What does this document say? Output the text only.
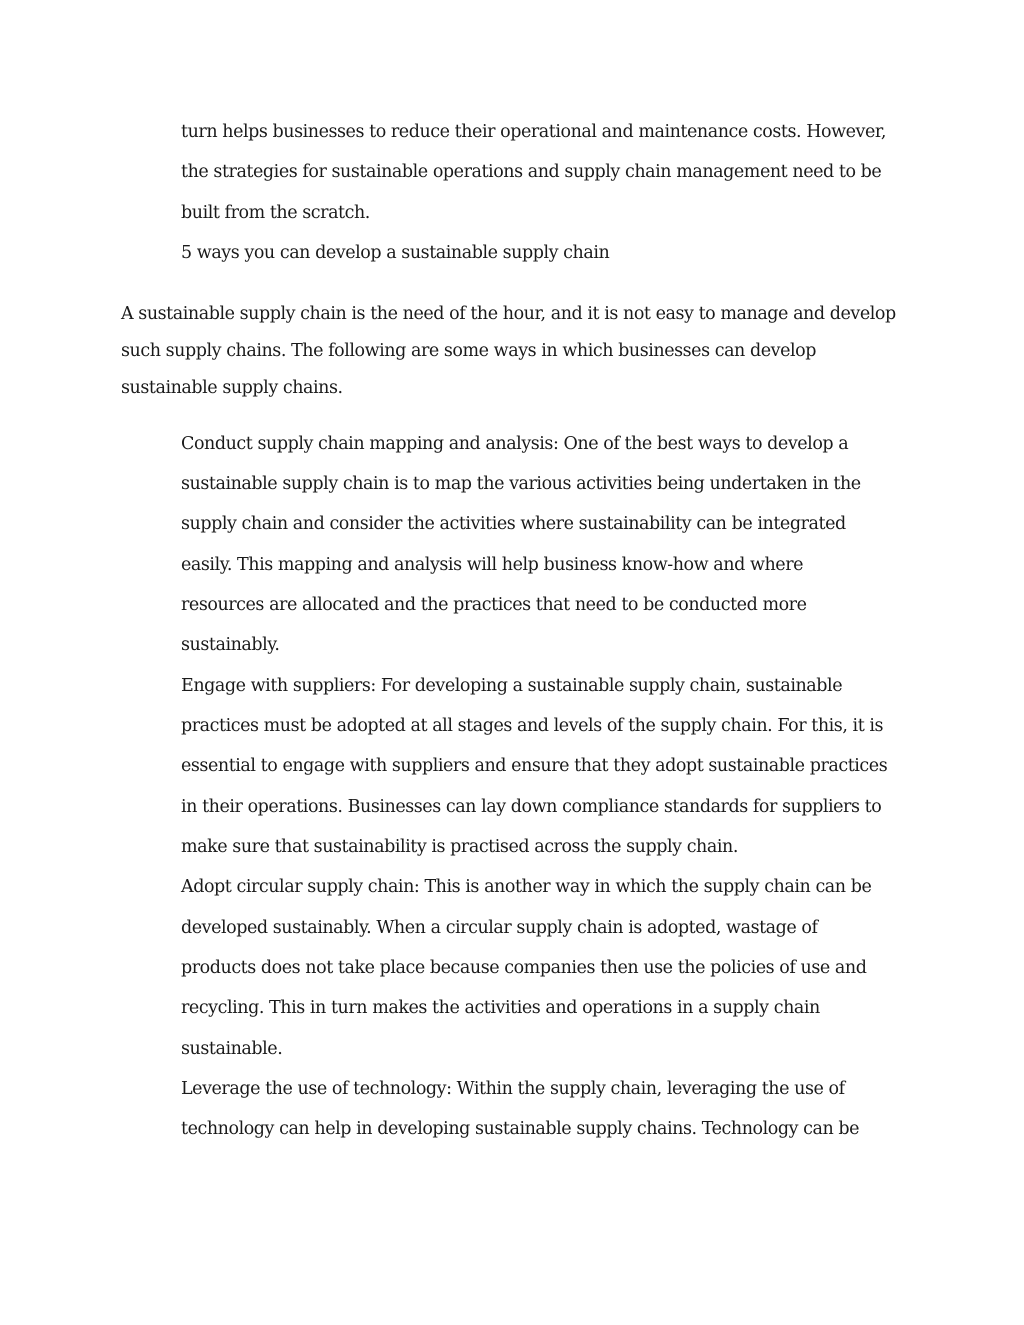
turn helps businesses to reduce their operational and maintenance costs. However,
the strategies for sustainable operations and supply chain management need to be
built from the scratch.
5 ways you can develop a sustainable supply chain
A sustainable supply chain is the need of the hour, and it is not easy to manage and develop
such supply chains. The following are some ways in which businesses can develop
sustainable supply chains.
Conduct supply chain mapping and analysis: One of the best ways to develop a
sustainable supply chain is to map the various activities being undertaken in the
supply chain and consider the activities where sustainability can be integrated
easily. This mapping and analysis will help business know-how and where
resources are allocated and the practices that need to be conducted more
sustainably.
Engage with suppliers: For developing a sustainable supply chain, sustainable
practices must be adopted at all stages and levels of the supply chain. For this, it is
essential to engage with suppliers and ensure that they adopt sustainable practices
in their operations. Businesses can lay down compliance standards for suppliers to
make sure that sustainability is practised across the supply chain.
Adopt circular supply chain: This is another way in which the supply chain can be
developed sustainably. When a circular supply chain is adopted, wastage of
products does not take place because companies then use the policies of use and
recycling. This in turn makes the activities and operations in a supply chain
sustainable.
Leverage the use of technology: Within the supply chain, leveraging the use of
technology can help in developing sustainable supply chains. Technology can be
